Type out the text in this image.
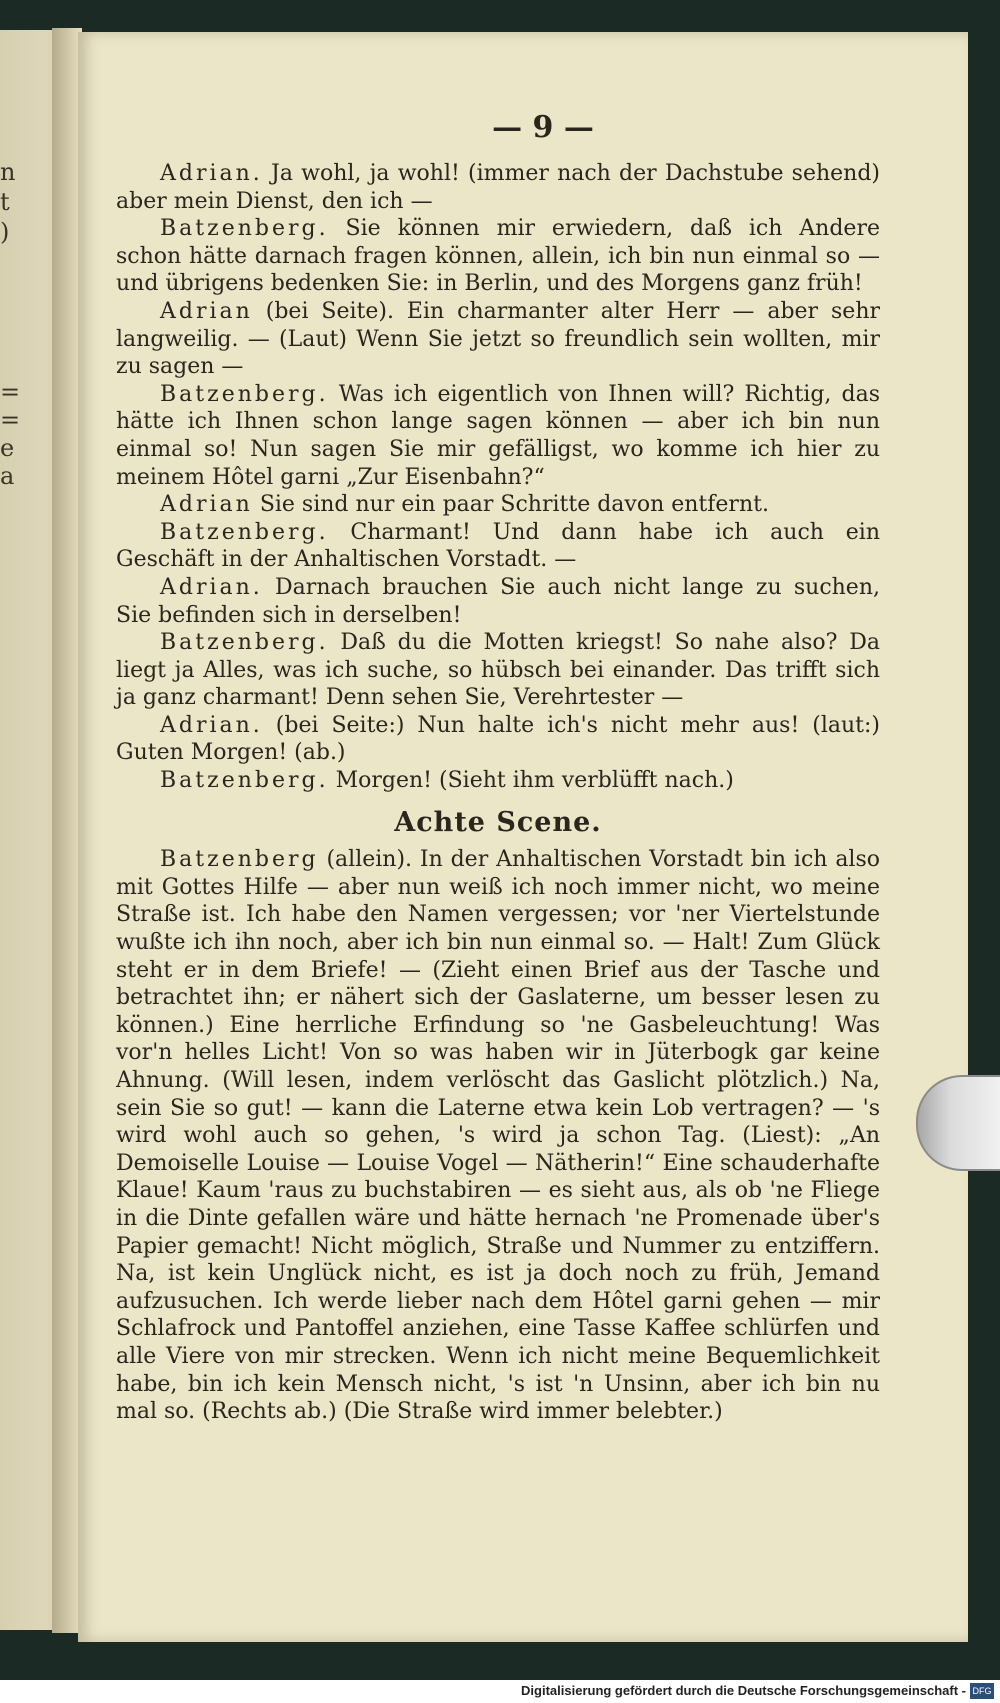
n
t
)
=
=
e
a
— 9 —

  Adrian. Ja wohl, ja wohl! (immer nach der Dachstube sehend) aber mein Dienst, den ich —

  Batzenberg. Sie können mir erwiedern, daß ich Andere schon hätte darnach fragen können, allein, ich bin nun einmal so — und übrigens bedenken Sie: in Berlin, und des Morgens ganz früh!

  Adrian (bei Seite). Ein charmanter alter Herr — aber sehr langweilig. — (Laut) Wenn Sie jetzt so freundlich sein wollten, mir zu sagen —

  Batzenberg. Was ich eigentlich von Ihnen will? Richtig, das hätte ich Ihnen schon lange sagen können — aber ich bin nun einmal so! Nun sagen Sie mir gefälligst, wo komme ich hier zu meinem Hôtel garni „Zur Eisenbahn?“

  Adrian Sie sind nur ein paar Schritte davon entfernt.

  Batzenberg. Charmant! Und dann habe ich auch ein Geschäft in der Anhaltischen Vorstadt. —

  Adrian. Darnach brauchen Sie auch nicht lange zu suchen, Sie befinden sich in derselben!

  Batzenberg. Daß du die Motten kriegst! So nahe also? Da liegt ja Alles, was ich suche, so hübsch bei einander. Das trifft sich ja ganz charmant! Denn sehen Sie, Verehrtester —

  Adrian. (bei Seite:) Nun halte ich's nicht mehr aus! (laut:) Guten Morgen! (ab.)

  Batzenberg. Morgen! (Sieht ihm verblüfft nach.)

Achte Scene.

  Batzenberg (allein). In der Anhaltischen Vorstadt bin ich also mit Gottes Hilfe — aber nun weiß ich noch immer nicht, wo meine Straße ist. Ich habe den Namen vergessen; vor 'ner Viertelstunde wußte ich ihn noch, aber ich bin nun einmal so. — Halt! Zum Glück steht er in dem Briefe! — (Zieht einen Brief aus der Tasche und betrachtet ihn; er nähert sich der Gaslaterne, um besser lesen zu können.) Eine herrliche Erfindung so 'ne Gasbeleuchtung! Was vor'n helles Licht! Von so was haben wir in Jüterbogk gar keine Ahnung. (Will lesen, indem verlöscht das Gaslicht plötzlich.) Na, sein Sie so gut! — kann die Laterne etwa kein Lob vertragen? — 's wird wohl auch so gehen, 's wird ja schon Tag. (Liest): „An Demoiselle Louise — Louise Vogel — Nätherin!“ Eine schauderhafte Klaue! Kaum 'raus zu buchstabiren — es sieht aus, als ob 'ne Fliege in die Dinte gefallen wäre und hätte hernach 'ne Promenade über's Papier gemacht! Nicht möglich, Straße und Nummer zu entziffern. Na, ist kein Unglück nicht, es ist ja doch noch zu früh, Jemand aufzusuchen. Ich werde lieber nach dem Hôtel garni gehen — mir Schlafrock und Pantoffel anziehen, eine Tasse Kaffee schlürfen und alle Viere von mir strecken. Wenn ich nicht meine Bequemlichkeit habe, bin ich kein Mensch nicht, 's ist 'n Unsinn, aber ich bin nu mal so. (Rechts ab.) (Die Straße wird immer belebter.)

Digitalisierung gefördert durch die Deutsche Forschungsgemeinschaft - DFG
